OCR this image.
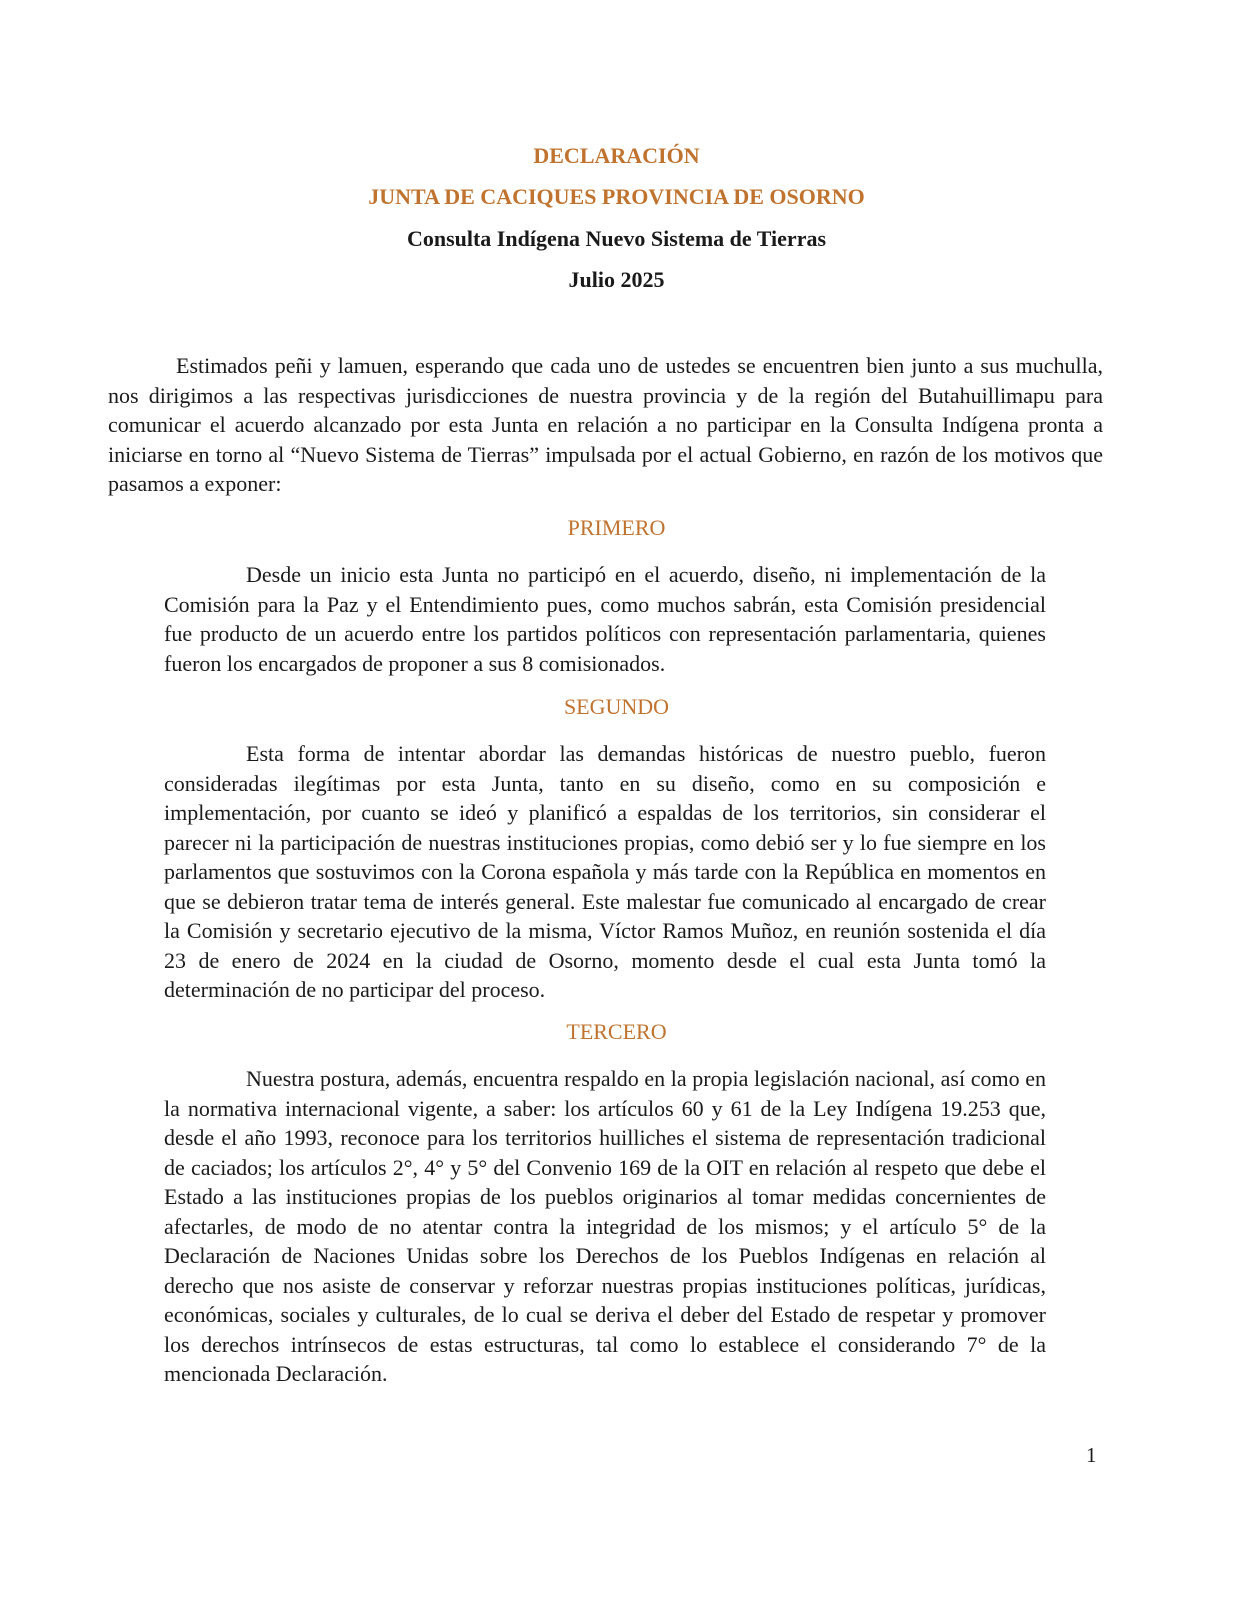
DECLARACIÓN
JUNTA DE CACIQUES PROVINCIA DE OSORNO
Consulta Indígena Nuevo Sistema de Tierras
Julio 2025

Estimados peñi y lamuen, esperando que cada uno de ustedes se encuentren bien junto a sus muchulla, nos dirigimos a las respectivas jurisdicciones de nuestra provincia y de la región del Butahuillimapu para comunicar el acuerdo alcanzado por esta Junta en relación a no participar en la Consulta Indígena pronta a iniciarse en torno al “Nuevo Sistema de Tierras” impulsada por el actual Gobierno, en razón de los motivos que pasamos a exponer:

PRIMERO

Desde un inicio esta Junta no participó en el acuerdo, diseño, ni implementación de la Comisión para la Paz y el Entendimiento pues, como muchos sabrán, esta Comisión presidencial fue producto de un acuerdo entre los partidos políticos con representación parlamentaria, quienes fueron los encargados de proponer a sus 8 comisionados.

SEGUNDO

Esta forma de intentar abordar las demandas históricas de nuestro pueblo, fueron consideradas ilegítimas por esta Junta, tanto en su diseño, como en su composición e implementación, por cuanto se ideó y planificó a espaldas de los territorios, sin considerar el parecer ni la participación de nuestras instituciones propias, como debió ser y lo fue siempre en los parlamentos que sostuvimos con la Corona española y más tarde con la República en momentos en que se debieron tratar tema de interés general. Este malestar fue comunicado al encargado de crear la Comisión y secretario ejecutivo de la misma, Víctor Ramos Muñoz, en reunión sostenida el día 23 de enero de 2024 en la ciudad de Osorno, momento desde el cual esta Junta tomó la determinación de no participar del proceso.

TERCERO

Nuestra postura, además, encuentra respaldo en la propia legislación nacional, así como en la normativa internacional vigente, a saber: los artículos 60 y 61 de la Ley Indígena 19.253 que, desde el año 1993, reconoce para los territorios huilliches el sistema de representación tradicional de caciados; los artículos 2°, 4° y 5° del Convenio 169 de la OIT en relación al respeto que debe el Estado a las instituciones propias de los pueblos originarios al tomar medidas concernientes de afectarles, de modo de no atentar contra la integridad de los mismos; y el artículo 5° de la Declaración de Naciones Unidas sobre los Derechos de los Pueblos Indígenas en relación al derecho que nos asiste de conservar y reforzar nuestras propias instituciones políticas, jurídicas, económicas, sociales y culturales, de lo cual se deriva el deber del Estado de respetar y promover los derechos intrínsecos de estas estructuras, tal como lo establece el considerando 7° de la mencionada Declaración.

1
